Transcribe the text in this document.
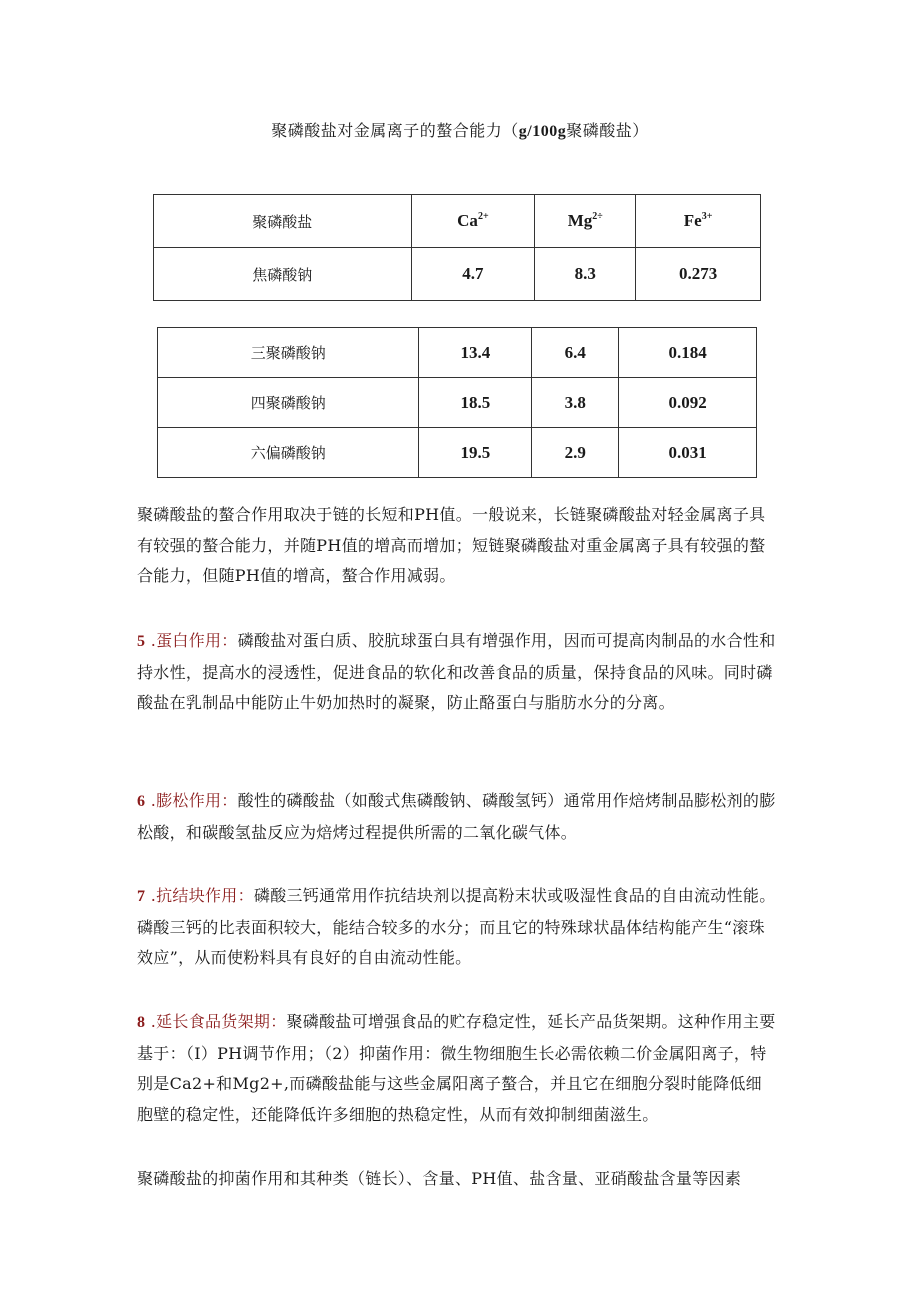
聚磷酸盐对金属离子的螯合能力（g/100g聚磷酸盐）
聚磷酸盐	$Ca^{2+}$	$Mg^{2\div}$	$Fe^{3+}$
焦磷酸钠	4.7	8.3	0.273
三聚磷酸钠	13.4	6.4	0.184
四聚磷酸钠	18.5	3.8	0.092
六偏磷酸钠	19.5	2.9	0.031

聚磷酸盐的螯合作用取决于链的长短和PH值。一般说来，长链聚磷酸盐对轻金属离子具有较强的螯合能力，并随PH值的增高而增加；短链聚磷酸盐对重金属离子具有较强的螯合能力，但随PH值的增高，螯合作用减弱。

5 .蛋白作用：磷酸盐对蛋白质、胶肮球蛋白具有增强作用，因而可提高肉制品的水合性和持水性，提高水的浸透性，促进食品的软化和改善食品的质量，保持食品的风味。同时磷酸盐在乳制品中能防止牛奶加热时的凝聚，防止酪蛋白与脂肪水分的分离。

6 .膨松作用：酸性的磷酸盐（如酸式焦磷酸钠、磷酸氢钙）通常用作焙烤制品膨松剂的膨松酸，和碳酸氢盐反应为焙烤过程提供所需的二氧化碳气体。

7 .抗结块作用：磷酸三钙通常用作抗结块剂以提高粉末状或吸湿性食品的自由流动性能。磷酸三钙的比表面积较大，能结合较多的水分；而且它的特殊球状晶体结构能产生“滚珠效应”，从而使粉料具有良好的自由流动性能。

8 .延长食品货架期：聚磷酸盐可增强食品的贮存稳定性，延长产品货架期。这种作用主要基于：（I）PH调节作用；（2）抑菌作用：微生物细胞生长必需依赖二价金属阳离子，特别是Ca2+和Mg2+,而磷酸盐能与这些金属阳离子螯合，并且它在细胞分裂时能降低细胞壁的稳定性，还能降低许多细胞的热稳定性，从而有效抑制细菌滋生。

聚磷酸盐的抑菌作用和其种类（链长）、含量、PH值、盐含量、亚硝酸盐含量等因素
